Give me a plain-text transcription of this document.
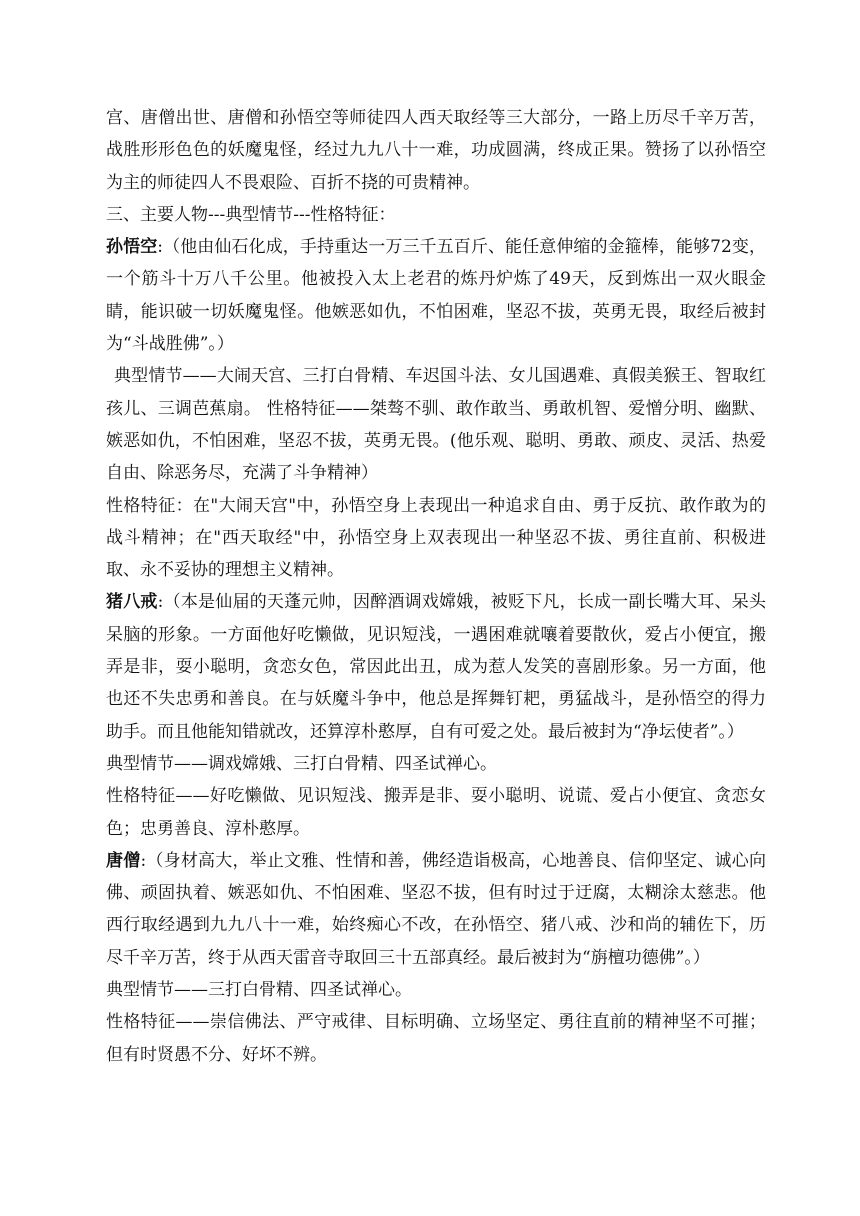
宫、唐僧出世、唐僧和孙悟空等师徒四人西天取经等三大部分，一路上历尽千辛万苦，战胜形形色色的妖魔鬼怪，经过九九八十一难，功成圆满，终成正果。赞扬了以孙悟空为主的师徒四人不畏艰险、百折不挠的可贵精神。

三、主要人物---典型情节---性格特征：

孙悟空:（他由仙石化成，手持重达一万三千五百斤、能任意伸缩的金箍棒，能够72变，一个筋斗十万八千公里。他被投入太上老君的炼丹炉炼了49天，反到炼出一双火眼金睛，能识破一切妖魔鬼怪。他嫉恶如仇，不怕困难，坚忍不拔，英勇无畏，取经后被封为“斗战胜佛”。）

典型情节——大闹天宫、三打白骨精、车迟国斗法、女儿国遇难、真假美猴王、智取红孩儿、三调芭蕉扇。 性格特征——桀骜不驯、敢作敢当、勇敢机智、爱憎分明、幽默、嫉恶如仇，不怕困难，坚忍不拔，英勇无畏。(他乐观、聪明、勇敢、顽皮、灵活、热爱自由、除恶务尽，充满了斗争精神）

性格特征：在"大闹天宫"中，孙悟空身上表现出一种追求自由、勇于反抗、敢作敢为的战斗精神；在"西天取经"中，孙悟空身上双表现出一种坚忍不拔、勇往直前、积极进取、永不妥协的理想主义精神。

猪八戒:（本是仙届的天蓬元帅，因醉酒调戏嫦娥，被贬下凡，长成一副长嘴大耳、呆头呆脑的形象。一方面他好吃懒做，见识短浅，一遇困难就嚷着要散伙，爱占小便宜，搬弄是非，耍小聪明，贪恋女色，常因此出丑，成为惹人发笑的喜剧形象。另一方面，他也还不失忠勇和善良。在与妖魔斗争中，他总是挥舞钉耙，勇猛战斗，是孙悟空的得力助手。而且他能知错就改，还算淳朴憨厚，自有可爱之处。最后被封为“净坛使者”。）

典型情节——调戏嫦娥、三打白骨精、四圣试禅心。

性格特征——好吃懒做、见识短浅、搬弄是非、耍小聪明、说谎、爱占小便宜、贪恋女色；忠勇善良、淳朴憨厚。

唐僧:（身材高大，举止文雅、性情和善，佛经造诣极高，心地善良、信仰坚定、诚心向佛、顽固执着、嫉恶如仇、不怕困难、坚忍不拔，但有时过于迂腐，太糊涂太慈悲。他西行取经遇到九九八十一难，始终痴心不改，在孙悟空、猪八戒、沙和尚的辅佐下，历尽千辛万苦，终于从西天雷音寺取回三十五部真经。最后被封为“旃檀功德佛”。）

典型情节——三打白骨精、四圣试禅心。

性格特征——崇信佛法、严守戒律、目标明确、立场坚定、勇往直前的精神坚不可摧；但有时贤愚不分、好坏不辨。
